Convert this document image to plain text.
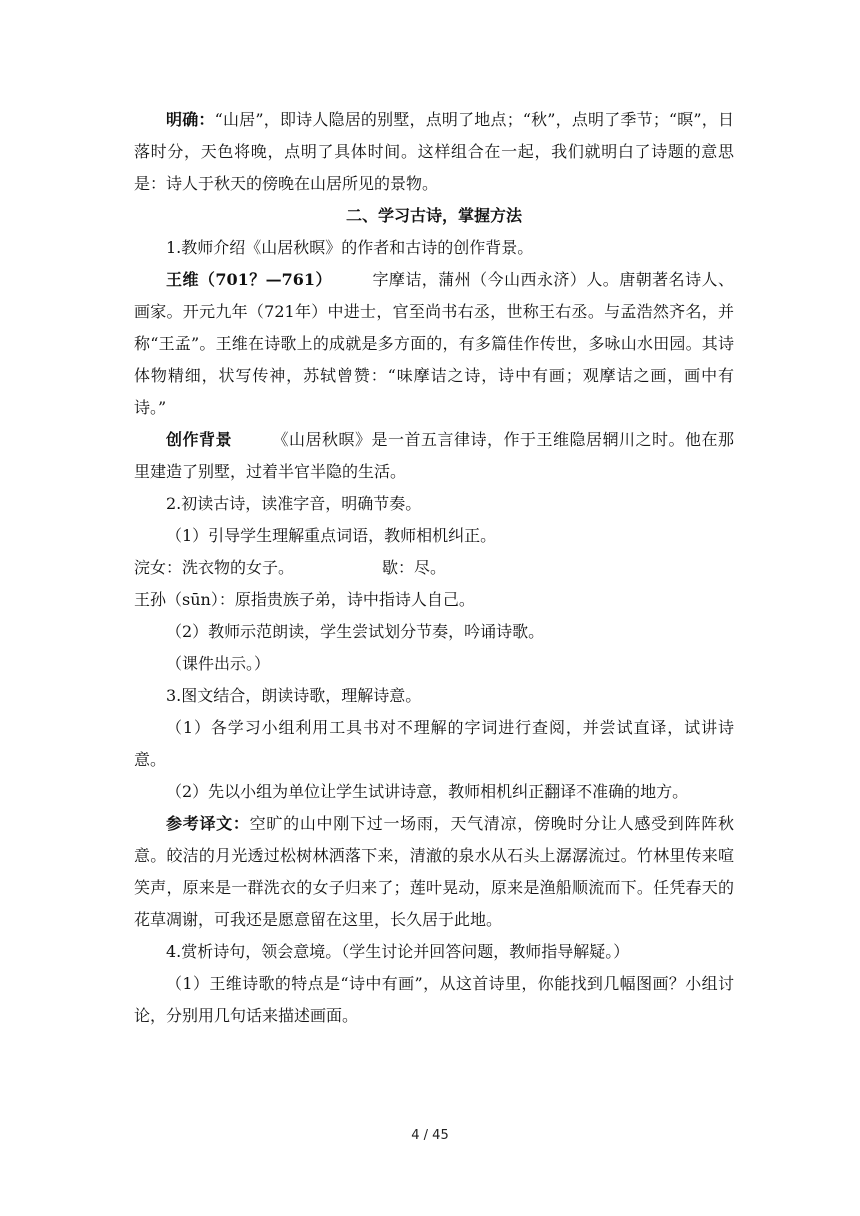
明确：“山居”，即诗人隐居的别墅，点明了地点；“秋”，点明了季节；“暝”，日落时分，天色将晚，点明了具体时间。这样组合在一起，我们就明白了诗题的意思是：诗人于秋天的傍晚在山居所见的景物。

二、学习古诗，掌握方法

1.教师介绍《山居秋暝》的作者和古诗的创作背景。

王维（701？—761）	字摩诘，蒲州（今山西永济）人。唐朝著名诗人、画家。开元九年（721年）中进士，官至尚书右丞，世称王右丞。与孟浩然齐名，并称“王孟”。王维在诗歌上的成就是多方面的，有多篇佳作传世，多咏山水田园。其诗体物精细，状写传神，苏轼曾赞：“味摩诘之诗，诗中有画；观摩诘之画，画中有诗。”

创作背景	《山居秋暝》是一首五言律诗，作于王维隐居辋川之时。他在那里建造了别墅，过着半官半隐的生活。

2.初读古诗，读准字音，明确节奏。

（1）引导学生理解重点词语，教师相机纠正。

浣女：洗衣物的女子。	歇：尽。

王孙（sūn）：原指贵族子弟，诗中指诗人自己。

（2）教师示范朗读，学生尝试划分节奏，吟诵诗歌。

（课件出示。）

3.图文结合，朗读诗歌，理解诗意。

（1）各学习小组利用工具书对不理解的字词进行查阅，并尝试直译，试讲诗意。

（2）先以小组为单位让学生试讲诗意，教师相机纠正翻译不准确的地方。

参考译文：空旷的山中刚下过一场雨，天气清凉，傍晚时分让人感受到阵阵秋意。皎洁的月光透过松树林洒落下来，清澈的泉水从石头上潺潺流过。竹林里传来喧笑声，原来是一群洗衣的女子归来了；莲叶晃动，原来是渔船顺流而下。任凭春天的花草凋谢，可我还是愿意留在这里，长久居于此地。

4.赏析诗句，领会意境。（学生讨论并回答问题，教师指导解疑。）

（1）王维诗歌的特点是“诗中有画”，从这首诗里，你能找到几幅图画？小组讨论，分别用几句话来描述画面。

4 / 45
